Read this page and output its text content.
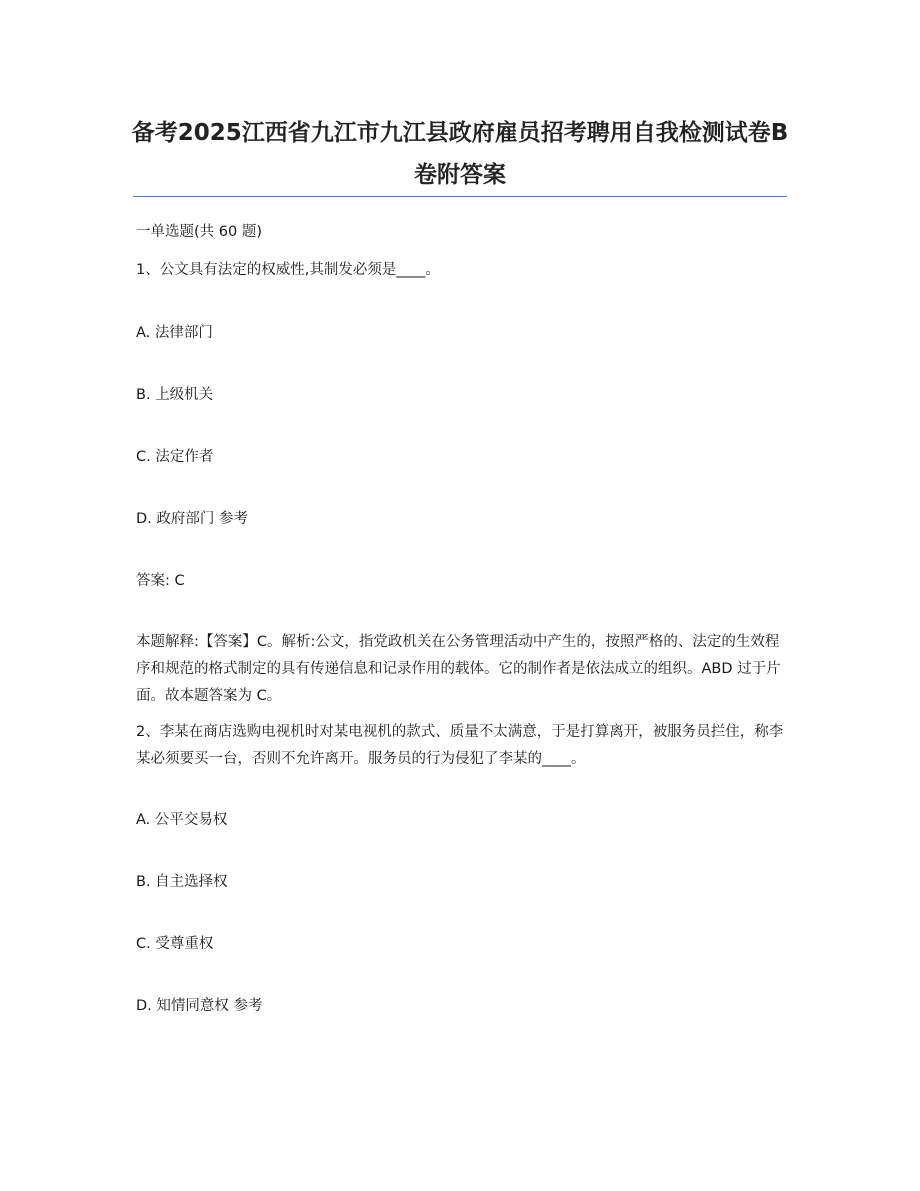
备考2025江西省九江市九江县政府雇员招考聘用自我检测试卷B卷附答案
一单选题(共 60 题)
1、公文具有法定的权威性,其制发必须是____。
A. 法律部门
B. 上级机关
C. 法定作者
D. 政府部门 参考
答案: C
本题解释:【答案】C。解析:公文，指党政机关在公务管理活动中产生的，按照严格的、法定的生效程序和规范的格式制定的具有传递信息和记录作用的载体。它的制作者是依法成立的组织。ABD 过于片面。故本题答案为 C。
2、李某在商店选购电视机时对某电视机的款式、质量不太满意，于是打算离开，被服务员拦住，称李某必须要买一台，否则不允许离开。服务员的行为侵犯了李某的____。
A. 公平交易权
B. 自主选择权
C. 受尊重权
D. 知情同意权 参考
